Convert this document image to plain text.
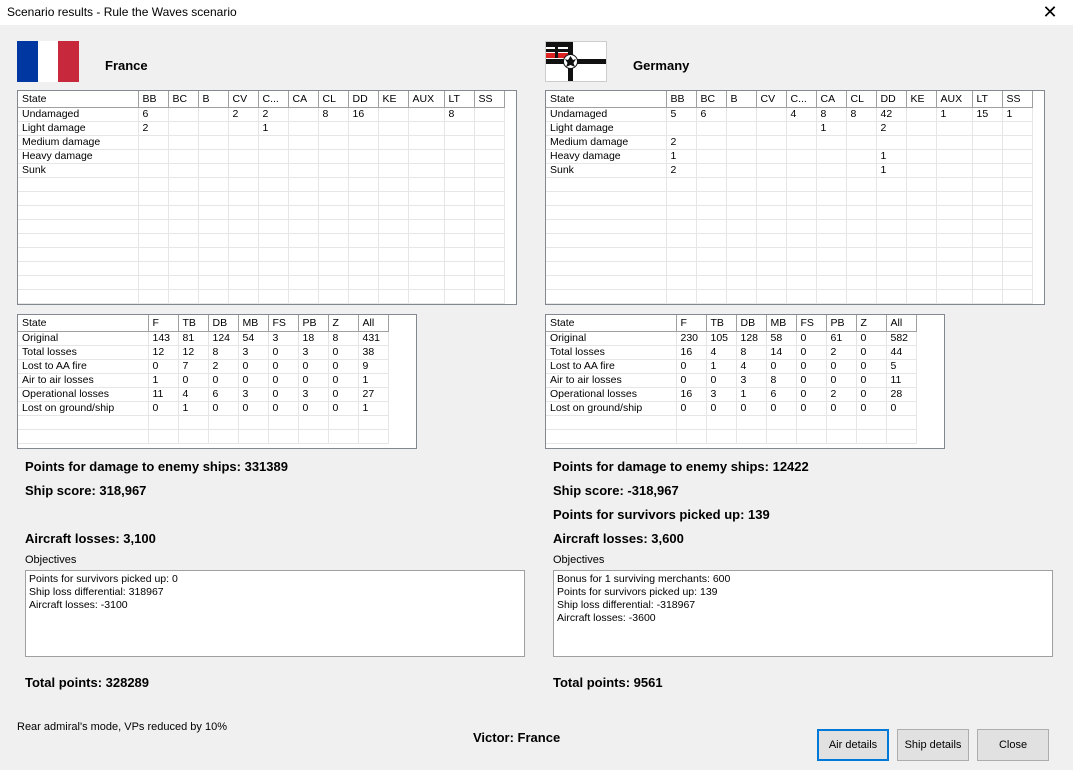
Scenario results - Rule the Waves scenario	✕
France	Germany
State	BB	BC	B	CV	C...	CA	CL	DD	KE	AUX	LT	SS
Undamaged	6			2	2		8	16			8	
Light damage	2				1							
Medium damage												
Heavy damage												
Sunk												

State	BB	BC	B	CV	C...	CA	CL	DD	KE	AUX	LT	SS
Undamaged	5	6			4	8	8	42		1	15	1
Light damage						1		2				
Medium damage	2											
Heavy damage	1							1				
Sunk	2							1				

State	F	TB	DB	MB	FS	PB	Z	All
Original	143	81	124	54	3	18	8	431
Total losses	12	12	8	3	0	3	0	38
Lost to AA fire	0	7	2	0	0	0	0	9
Air to air losses	1	0	0	0	0	0	0	1
Operational losses	11	4	6	3	0	3	0	27
Lost on ground/ship	0	1	0	0	0	0	0	1

State	F	TB	DB	MB	FS	PB	Z	All
Original	230	105	128	58	0	61	0	582
Total losses	16	4	8	14	0	2	0	44
Lost to AA fire	0	1	4	0	0	0	0	5
Air to air losses	0	0	3	8	0	0	0	11
Operational losses	16	3	1	6	0	2	0	28
Lost on ground/ship	0	0	0	0	0	0	0	0

Points for damage to enemy ships: 331389
Ship score: 318,967
Aircraft losses: 3,100
Points for damage to enemy ships: 12422
Ship score: -318,967
Points for survivors picked up: 139
Aircraft losses: 3,600
Objectives
Points for survivors picked up: 0
Ship loss differential: 318967
Aircraft losses: -3100
Objectives
Bonus for 1 surviving merchants: 600
Points for survivors picked up: 139
Ship loss differential: -318967
Aircraft losses: -3600
Total points: 328289	Total points: 9561
Rear admiral's mode, VPs reduced by 10%
Victor: France	Air details	Ship details	Close
